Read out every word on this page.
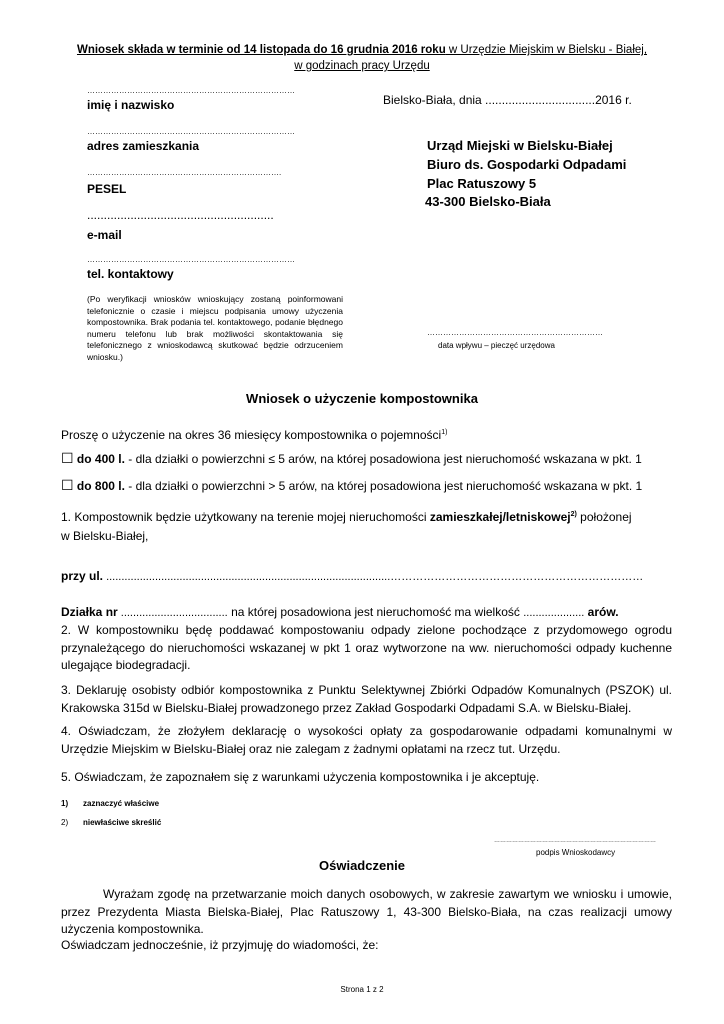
Wniosek składa w terminie od 14 listopada do 16 grudnia 2016 roku w Urzędzie Miejskim w Bielsku - Białej,
w godzinach pracy Urzędu
……………………………………………………………………
imię i nazwisko
……………………………………………………………………
adres zamieszkania
……………………………………………………………….
PESEL
........................................................
e-mail
……………………………………………………………………
tel. kontaktowy
(Po weryfikacji wniosków wnioskujący zostaną poinformowani telefonicznie o czasie i miejscu podpisania umowy użyczenia kompostownika. Brak podania tel. kontaktowego, podanie błędnego numeru telefonu lub brak możliwości skontaktowania się telefonicznego z wnioskodawcą skutkować będzie odrzuceniem wniosku.)
Bielsko-Biała, dnia .................................2016 r.
Urząd Miejski w Bielsku-Białej
Biuro ds. Gospodarki Odpadami
Plac Ratuszowy 5
43-300 Bielsko-Biała
…………………………………………………………
data wpływu – pieczęć urzędowa
Wniosek o użyczenie kompostownika
Proszę o użyczenie na okres 36 miesięcy kompostownika o pojemności$^{1)}$
☐ do 400 l. - dla działki o powierzchni ≤ 5 arów, na której posadowiona jest nieruchomość wskazana w pkt. 1
☐ do 800 l. - dla działki o powierzchni > 5 arów, na której posadowiona jest nieruchomość wskazana w pkt. 1
1. Kompostownik będzie użytkowany na terenie mojej nieruchomości zamieszkałej/letniskowej$^{2)}$ położonej
w Bielsku-Białej,
przy ul. .............................................................................................……………………………………………………………
Działka nr ................................... na której posadowiona jest nieruchomość ma wielkość .................... arów.
2. W kompostowniku będę poddawać kompostowaniu odpady zielone pochodzące z przydomowego ogrodu przynależącego do nieruchomości wskazanej w pkt 1 oraz wytworzone na ww. nieruchomości odpady kuchenne ulegające biodegradacji.
3. Deklaruję osobisty odbiór kompostownika z Punktu Selektywnej Zbiórki Odpadów Komunalnych (PSZOK) ul. Krakowska 315d w Bielsku-Białej prowadzonego przez Zakład Gospodarki Odpadami S.A. w Bielsku-Białej.
4. Oświadczam, że złożyłem deklarację o wysokości opłaty za gospodarowanie odpadami komunalnymi w Urzędzie Miejskim w Bielsku-Białej oraz nie zalegam z żadnymi opłatami na rzecz tut. Urzędu.
5. Oświadczam, że zapoznałem się z warunkami użyczenia kompostownika i je akceptuję.
1) zaznaczyć właściwe
2) niewłaściwe skreślić
………………………………………………………………………
podpis Wnioskodawcy
Oświadczenie
Wyrażam zgodę na przetwarzanie moich danych osobowych, w zakresie zawartym we wniosku i umowie, przez Prezydenta Miasta Bielska-Białej, Plac Ratuszowy 1, 43-300 Bielsko-Biała, na czas realizacji umowy użyczenia kompostownika.
Oświadczam jednocześnie, iż przyjmuję do wiadomości, że:
Strona 1 z 2
